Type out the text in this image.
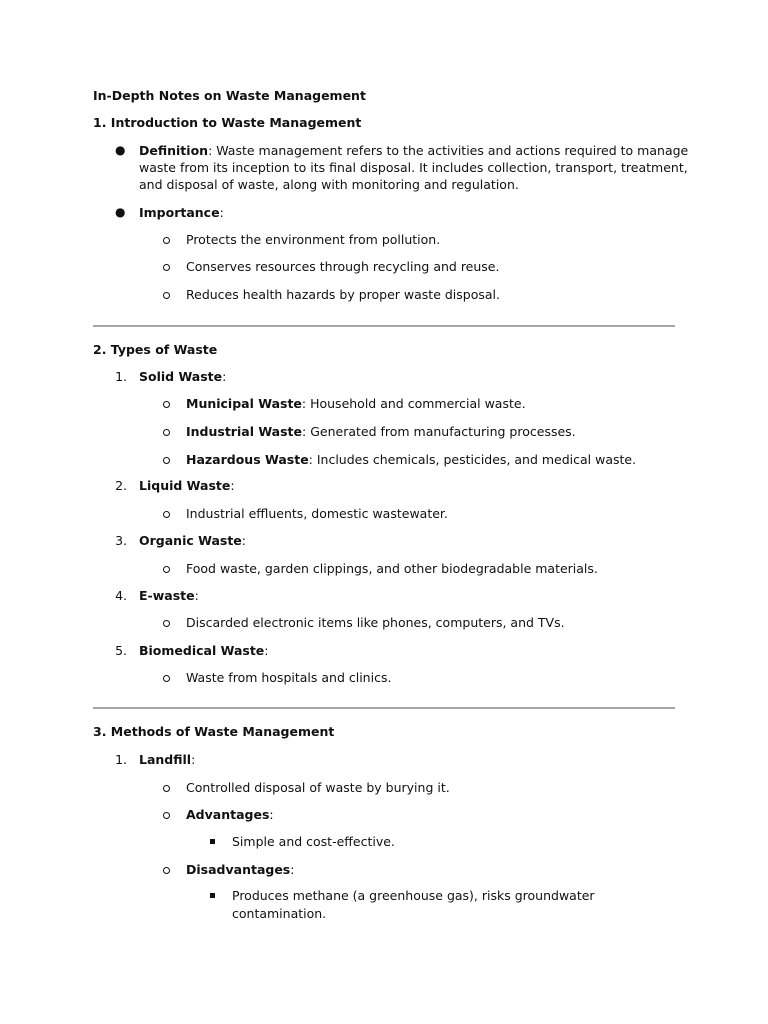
In-Depth Notes on Waste Management
1. Introduction to Waste Management
● Definition: Waste management refers to the activities and actions required to manage
waste from its inception to its final disposal. It includes collection, transport, treatment,
and disposal of waste, along with monitoring and regulation.
● Importance:
Protects the environment from pollution.
Conserves resources through recycling and reuse.
Reduces health hazards by proper waste disposal.
2. Types of Waste
1. Solid Waste:
Municipal Waste: Household and commercial waste.
Industrial Waste: Generated from manufacturing processes.
Hazardous Waste: Includes chemicals, pesticides, and medical waste.
2. Liquid Waste:
Industrial effluents, domestic wastewater.
3. Organic Waste:
Food waste, garden clippings, and other biodegradable materials.
4. E-waste:
Discarded electronic items like phones, computers, and TVs.
5. Biomedical Waste:
Waste from hospitals and clinics.
3. Methods of Waste Management
1. Landfill:
Controlled disposal of waste by burying it.
Advantages:
Simple and cost-effective.
Disadvantages:
Produces methane (a greenhouse gas), risks groundwater
contamination.
